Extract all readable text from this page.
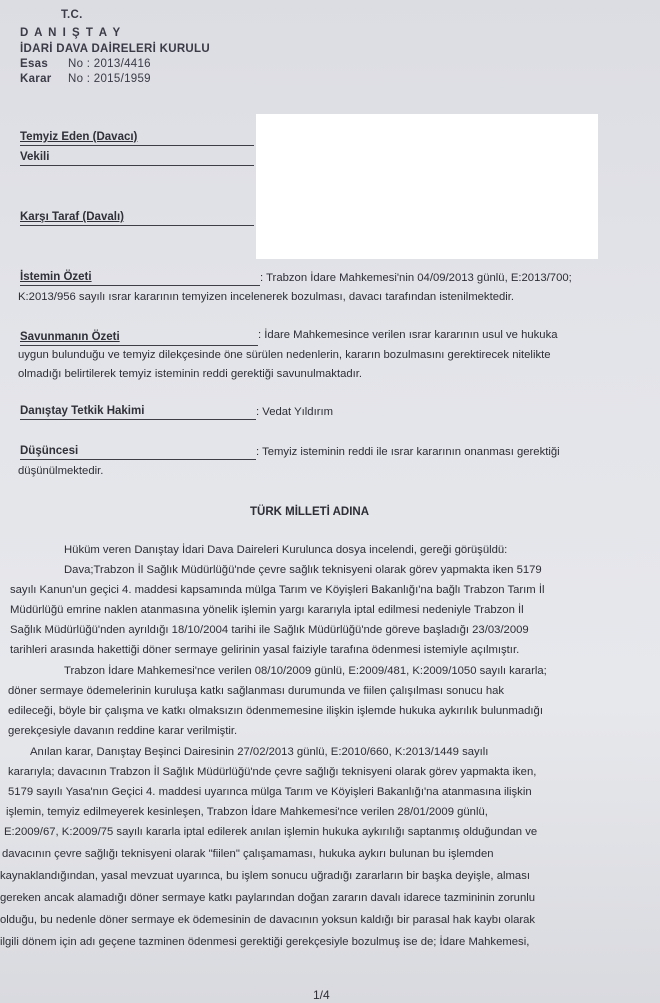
T.C.
D A N I Ş T A Y
İDARİ DAVA DAİRELERİ KURULU
Esas No : 2013/4416
Karar No : 2015/1959
Temyiz Eden (Davacı)
Vekili
Karşı Taraf (Davalı)
İstemin Özeti	: Trabzon İdare Mahkemesi'nin 04/09/2013 günlü, E:2013/700;
K:2013/956 sayılı ısrar kararının temyizen incelenerek bozulması, davacı tarafından istenilmektedir.
Savunmanın Özeti	: İdare Mahkemesince verilen ısrar kararının usul ve hukuka
uygun bulunduğu ve temyiz dilekçesinde öne sürülen nedenlerin, kararın bozulmasını gerektirecek nitelikte
olmadığı belirtilerek temyiz isteminin reddi gerektiği savunulmaktadır.
Danıştay Tetkik Hakimi	: Vedat Yıldırım
Düşüncesi	: Temyiz isteminin reddi ile ısrar kararının onanması gerektiği
düşünülmektedir.
TÜRK MİLLETİ ADINA
Hüküm veren Danıştay İdari Dava Daireleri Kurulunca dosya incelendi, gereği görüşüldü:
Dava;Trabzon İl Sağlık Müdürlüğü'nde çevre sağlık teknisyeni olarak görev yapmakta iken 5179
sayılı Kanun'un geçici 4. maddesi kapsamında mülga Tarım ve Köyişleri Bakanlığı'na bağlı Trabzon Tarım İl
Müdürlüğü emrine naklen atanmasına yönelik işlemin yargı kararıyla iptal edilmesi nedeniyle Trabzon İl
Sağlık Müdürlüğü'nden ayrıldığı 18/10/2004 tarihi ile Sağlık Müdürlüğü'nde göreve başladığı 23/03/2009
tarihleri arasında hakettiği döner sermaye gelirinin yasal faiziyle tarafına ödenmesi istemiyle açılmıştır.
Trabzon İdare Mahkemesi'nce verilen 08/10/2009 günlü, E:2009/481, K:2009/1050 sayılı kararla;
döner sermaye ödemelerinin kuruluşa katkı sağlanması durumunda ve fiilen çalışılması sonucu hak
edileceği, böyle bir çalışma ve katkı olmaksızın ödenmemesine ilişkin işlemde hukuka aykırılık bulunmadığı
gerekçesiyle davanın reddine karar verilmiştir.
Anılan karar, Danıştay Beşinci Dairesinin 27/02/2013 günlü, E:2010/660, K:2013/1449 sayılı
kararıyla; davacının Trabzon İl Sağlık Müdürlüğü'nde çevre sağlığı teknisyeni olarak görev yapmakta iken,
5179 sayılı Yasa'nın Geçici 4. maddesi uyarınca mülga Tarım ve Köyişleri Bakanlığı'na atanmasına ilişkin
işlemin, temyiz edilmeyerek kesinleşen, Trabzon İdare Mahkemesi'nce verilen 28/01/2009 günlü,
E:2009/67, K:2009/75 sayılı kararla iptal edilerek anılan işlemin hukuka aykırılığı saptanmış olduğundan ve
davacının çevre sağlığı teknisyeni olarak "fiilen" çalışamaması, hukuka aykırı bulunan bu işlemden
kaynaklandığından, yasal mevzuat uyarınca, bu işlem sonucu uğradığı zararların bir başka deyişle, alması
gereken ancak alamadığı döner sermaye katkı paylarından doğan zararın davalı idarece tazmininin zorunlu
olduğu, bu nedenle döner sermaye ek ödemesinin de davacının yoksun kaldığı bir parasal hak kaybı olarak
ilgili dönem için adı geçene tazminen ödenmesi gerektiği gerekçesiyle bozulmuş ise de; İdare Mahkemesi,
1/4
